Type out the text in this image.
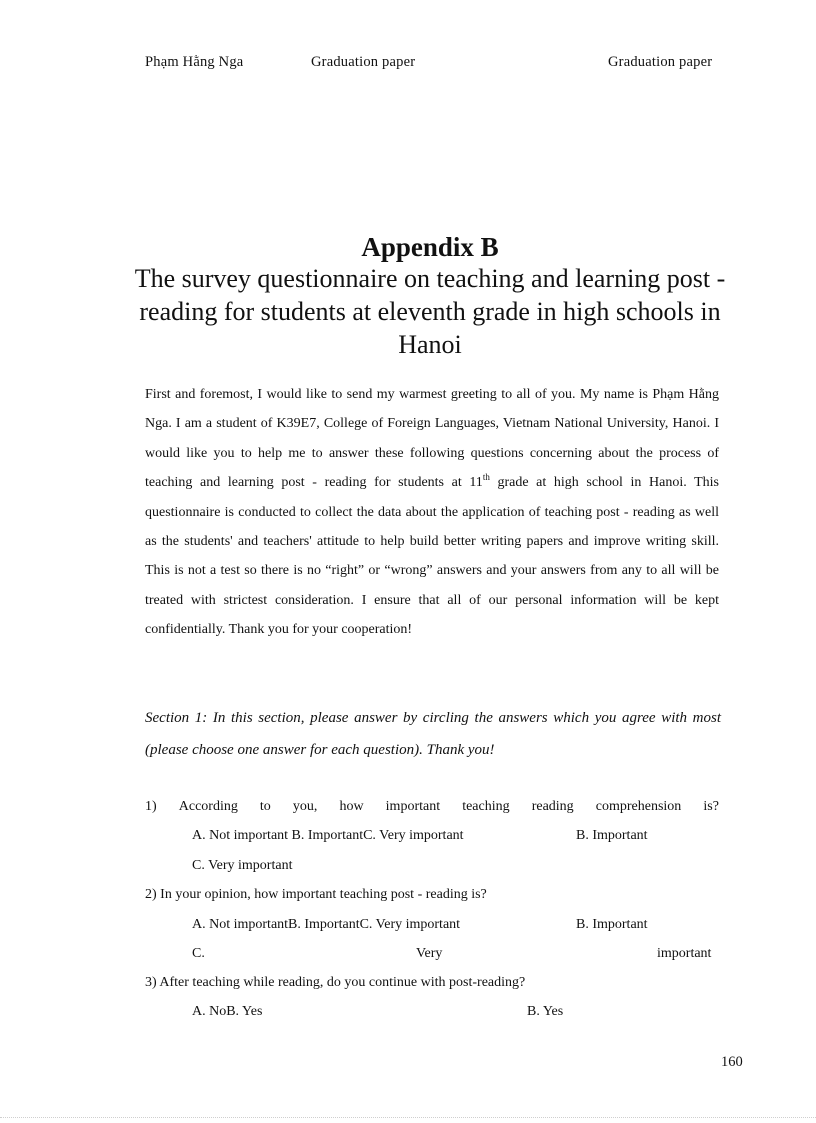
Phạm Hằng Nga	Graduation paper	Graduation paper
Appendix B
The survey questionnaire on teaching and learning post - reading for students at eleventh grade in high schools in Hanoi
First and foremost, I would like to send my warmest greeting to all of you. My name is Phạm Hằng Nga. I am a student of K39E7, College of Foreign Languages, Vietnam National University, Hanoi. I would like you to help me to answer these following questions concerning about the process of teaching and learning post - reading for students at 11th grade at high school in Hanoi. This questionnaire is conducted to collect the data about the application of teaching post - reading as well as the students' and teachers' attitude to help build better writing papers and improve writing skill. This is not a test so there is no “right” or “wrong” answers and your answers from any to all will be treated with strictest consideration. I ensure that all of our personal information will be kept confidentially. Thank you for your cooperation!
Section 1: In this section, please answer by circling the answers which you agree with most (please choose one answer for each question). Thank you!
1) According to you, how important teaching reading comprehension is?
A. Not important B. ImportantC. Very important	B. Important
C. Very important
2) In your opinion, how important teaching post - reading is?
A. Not importantB. ImportantC. Very important	B. Important
C.	Very	important
3) After teaching while reading, do you continue with post-reading?
A. NoB. Yes	B. Yes
160
